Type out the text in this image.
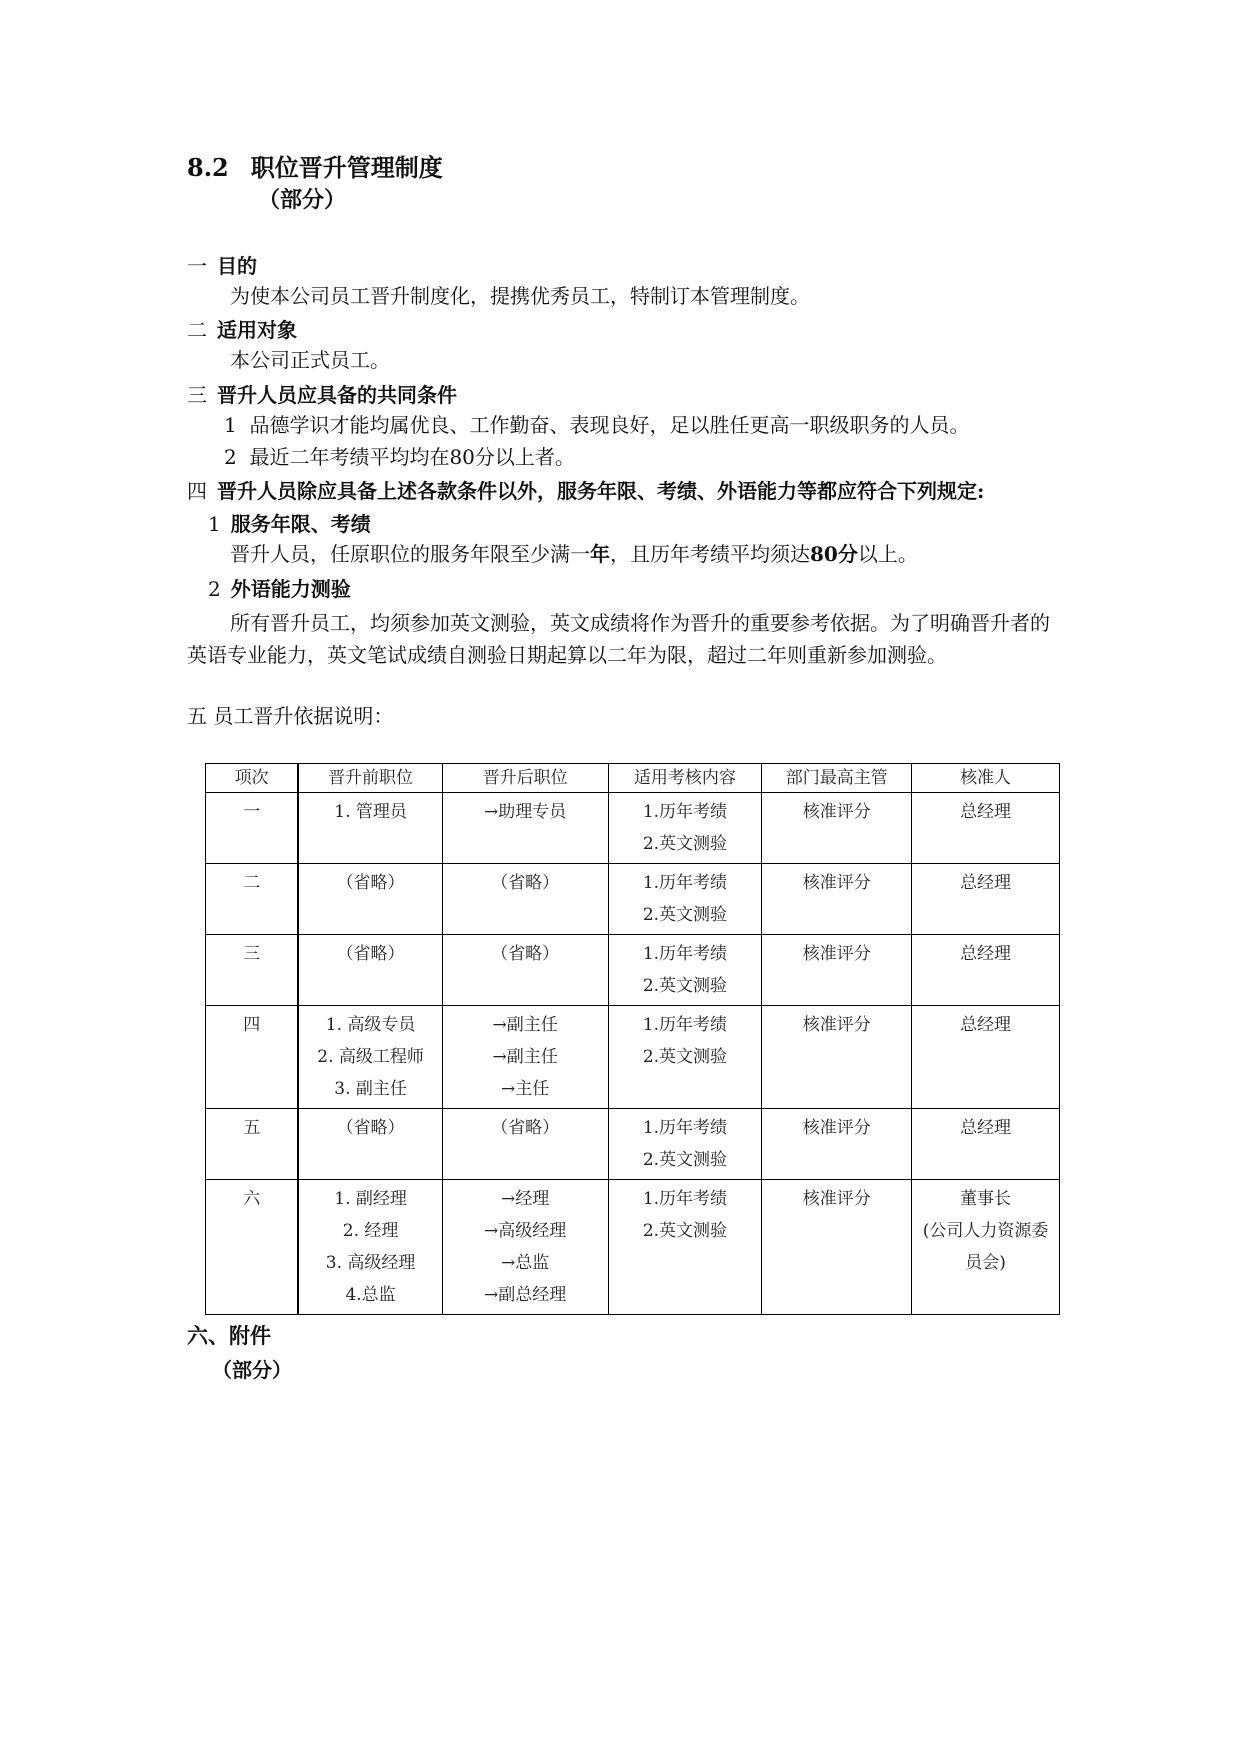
8.2 职位晋升管理制度
（部分）
一 目的
为使本公司员工晋升制度化，提携优秀员工，特制订本管理制度。
二 适用对象
本公司正式员工。
三 晋升人员应具备的共同条件
1 品德学识才能均属优良、工作勤奋、表现良好，足以胜任更高一职级职务的人员。
2 最近二年考绩平均均在80分以上者。
四 晋升人员除应具备上述各款条件以外，服务年限、考绩、外语能力等都应符合下列规定:
1 服务年限、考绩
晋升人员，任原职位的服务年限至少满一年，且历年考绩平均须达80分以上。
2 外语能力测验
所有晋升员工，均须参加英文测验，英文成绩将作为晋升的重要参考依据。为了明确晋升者的英语专业能力，英文笔试成绩自测验日期起算以二年为限，超过二年则重新参加测验。
五 员工晋升依据说明：
项次	晋升前职位	晋升后职位	适用考核内容	部门最高主管	核准人
一	1. 管理员	→助理专员	1.历年考绩
2.英文测验	核准评分	总经理

二	（省略）	（省略）	1.历年考绩
2.英文测验	核准评分	总经理

三	（省略）	（省略）	1.历年考绩
2.英文测验	核准评分	总经理

四	1. 高级专员
2. 高级工程师
3. 副主任	→副主任
→副主任
→主任	1.历年考绩
2.英文测验	核准评分	总经理

五	（省略）	（省略）	1.历年考绩
2.英文测验	核准评分	总经理

六	1. 副经理
2. 经理
3. 高级经理
4.总监	→经理
→高级经理
→总监
→副总经理	1.历年考绩
2.英文测验	核准评分	董事长
(公司人力资源委
员会)
六、附件
（部分）
